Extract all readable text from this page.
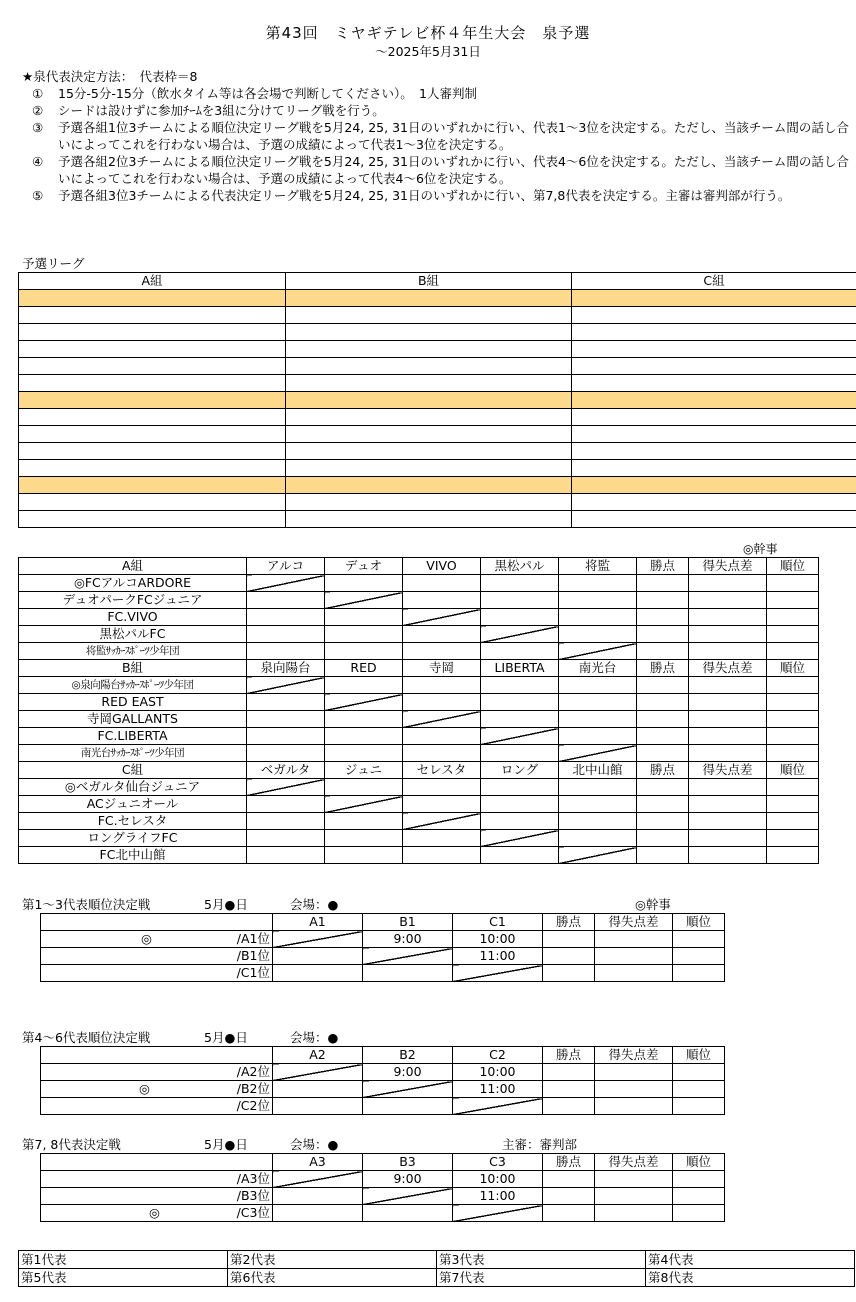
第43回　ミヤギテレビ杯４年生大会　泉予選
～2025年5月31日
★泉代表決定方法：　代表枠＝8
① 15分-5分-15分（飲水タイム等は各会場で判断してください）。　1人審判制
② シードは設けずに参加ﾁｰﾑを3組に分けてリーグ戦を行う。
③ 予選各組1位3チームによる順位決定リーグ戦を5月24, 25, 31日のいずれかに行い、代表1～3位を決定する。ただし、当該チーム間の話し合いによってこれを行わない場合は、予選の成績によって代表1～3位を決定する。
④ 予選各組2位3チームによる順位決定リーグ戦を5月24, 25, 31日のいずれかに行い、代表4～6位を決定する。ただし、当該チーム間の話し合いによってこれを行わない場合は、予選の成績によって代表4～6位を決定する。
⑤ 予選各組3位3チームによる代表決定リーグ戦を5月24, 25, 31日のいずれかに行い、第7,8代表を決定する。主審は審判部が行う。
予選リーグ
A組	B組	C組

◎幹事
A組	アルコ	デュオ	VIVO	黒松パル	将監	勝点	得失点差	順位
◎FCアルコARDORE								
デュオパークFCジュニア								
FC.VIVO								
黒松パルFC								
将監ｻｯｶｰｽﾎﾟｰﾂ少年団								
B組	泉向陽台	RED	寺岡	LIBERTA	南光台	勝点	得失点差	順位
◎泉向陽台ｻｯｶｰｽﾎﾟｰﾂ少年団								
RED EAST								
寺岡GALLANTS								
FC.LIBERTA								
南光台ｻｯｶｰｽﾎﾟｰﾂ少年団								
C組	ベガルタ	ジュニ	セレスタ	ロング	北中山館	勝点	得失点差	順位
◎ベガルタ仙台ジュニア								
ACジュニオール								
FC.セレスタ								
ロングライフFC								
FC北中山館								
第1～3代表順位決定戦	5月●日	会場：●	◎幹事
	A1	B1	C1	勝点	得失点差	順位

◎ /A1位		9:00	10:00			

/B1位			11:00			

/C1位						

第4～6代表順位決定戦	5月●日	会場：●
	A2	B2	C2	勝点	得失点差	順位

/A2位		9:00	10:00			

◎ /B2位			11:00			

/C2位						

第7, 8代表決定戦	5月●日	会場：●	主審：審判部
	A3	B3	C3	勝点	得失点差	順位

/A3位		9:00	10:00			

/B3位			11:00			

◎ /C3位						

第1代表	第2代表	第3代表	第4代表
第5代表	第6代表	第7代表	第8代表
